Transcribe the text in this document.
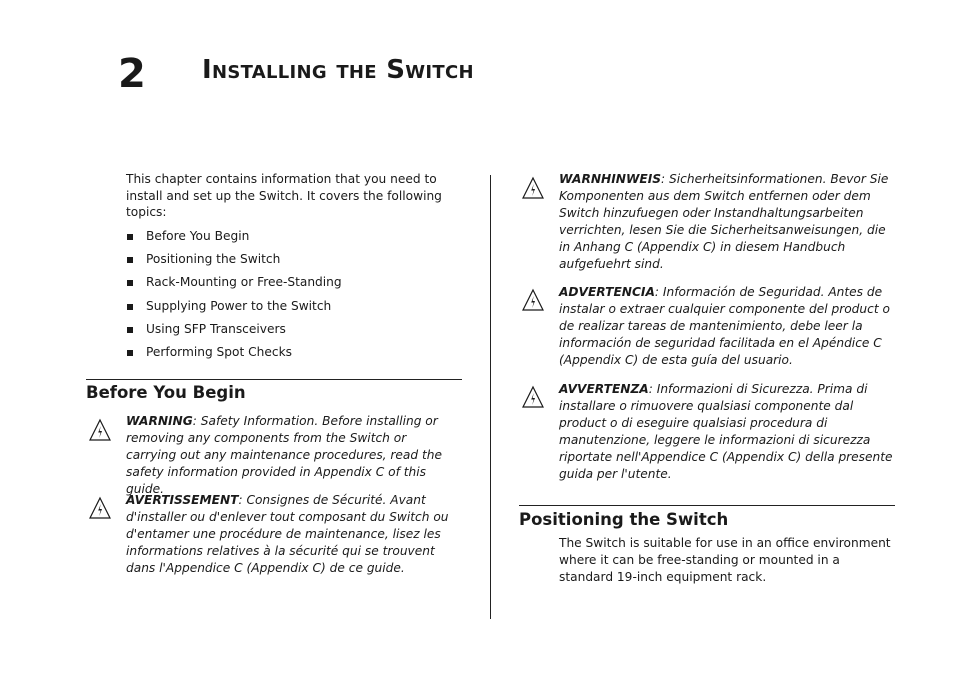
2 Installing the Switch
This chapter contains information that you need to install and set up the Switch. It covers the following topics:
Before You Begin
Positioning the Switch
Rack-Mounting or Free-Standing
Supplying Power to the Switch
Using SFP Transceivers
Performing Spot Checks
Before You Begin
WARNING: Safety Information. Before installing or removing any components from the Switch or carrying out any maintenance procedures, read the safety information provided in Appendix C of this guide.
AVERTISSEMENT: Consignes de Sécurité. Avant d'installer ou d'enlever tout composant du Switch ou d'entamer une procédure de maintenance, lisez les informations relatives à la sécurité qui se trouvent dans l'Appendice C (Appendix C) de ce guide.
WARNHINWEIS: Sicherheitsinformationen. Bevor Sie Komponenten aus dem Switch entfernen oder dem Switch hinzufuegen oder Instandhaltungsarbeiten verrichten, lesen Sie die Sicherheitsanweisungen, die in Anhang C (Appendix C) in diesem Handbuch aufgefuehrt sind.
ADVERTENCIA: Información de Seguridad. Antes de instalar o extraer cualquier componente del product o de realizar tareas de mantenimiento, debe leer la información de seguridad facilitada en el Apéndice C (Appendix C) de esta guía del usuario.
AVVERTENZA: Informazioni di Sicurezza. Prima di installare o rimuovere qualsiasi componente dal product o di eseguire qualsiasi procedura di manutenzione, leggere le informazioni di sicurezza riportate nell'Appendice C (Appendix C) della presente guida per l'utente.
Positioning the Switch
The Switch is suitable for use in an office environment where it can be free-standing or mounted in a standard 19-inch equipment rack.
